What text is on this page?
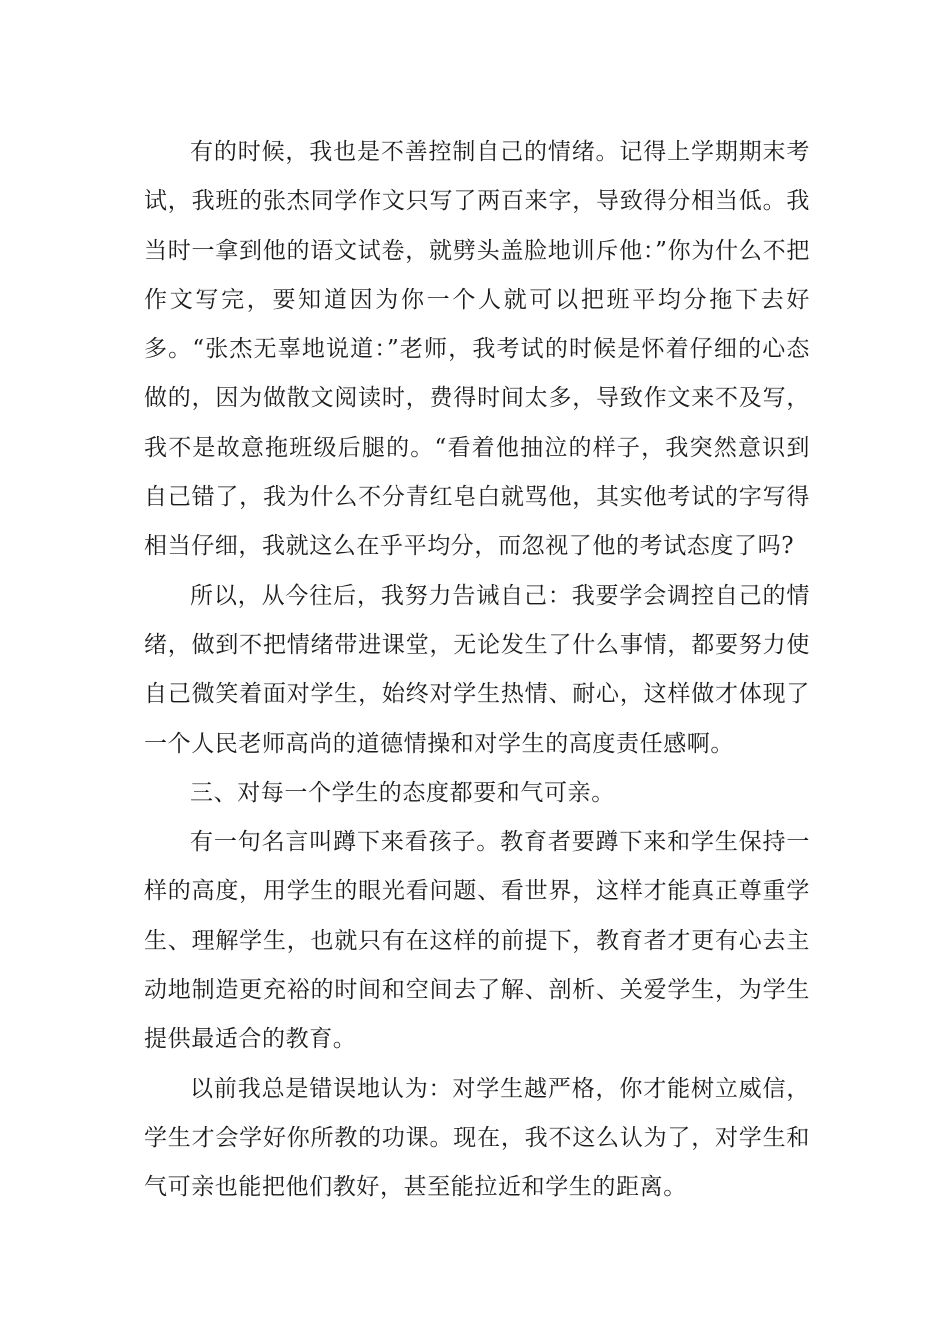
有的时候，我也是不善控制自己的情绪。记得上学期期末考试，我班的张杰同学作文只写了两百来字，导致得分相当低。我当时一拿到他的语文试卷，就劈头盖脸地训斥他：”你为什么不把作文写完，要知道因为你一个人就可以把班平均分拖下去好多。“张杰无辜地说道：”老师，我考试的时候是怀着仔细的心态做的，因为做散文阅读时，费得时间太多，导致作文来不及写，我不是故意拖班级后腿的。“看着他抽泣的样子，我突然意识到自己错了，我为什么不分青红皂白就骂他，其实他考试的字写得相当仔细，我就这么在乎平均分，而忽视了他的考试态度了吗?

所以，从今往后，我努力告诫自己：我要学会调控自己的情绪，做到不把情绪带进课堂，无论发生了什么事情，都要努力使自己微笑着面对学生，始终对学生热情、耐心，这样做才体现了一个人民老师高尚的道德情操和对学生的高度责任感啊。

三、对每一个学生的态度都要和气可亲。

有一句名言叫蹲下来看孩子。教育者要蹲下来和学生保持一样的高度，用学生的眼光看问题、看世界，这样才能真正尊重学生、理解学生，也就只有在这样的前提下，教育者才更有心去主动地制造更充裕的时间和空间去了解、剖析、关爱学生，为学生提供最适合的教育。

以前我总是错误地认为：对学生越严格，你才能树立威信，学生才会学好你所教的功课。现在，我不这么认为了，对学生和气可亲也能把他们教好，甚至能拉近和学生的距离。
